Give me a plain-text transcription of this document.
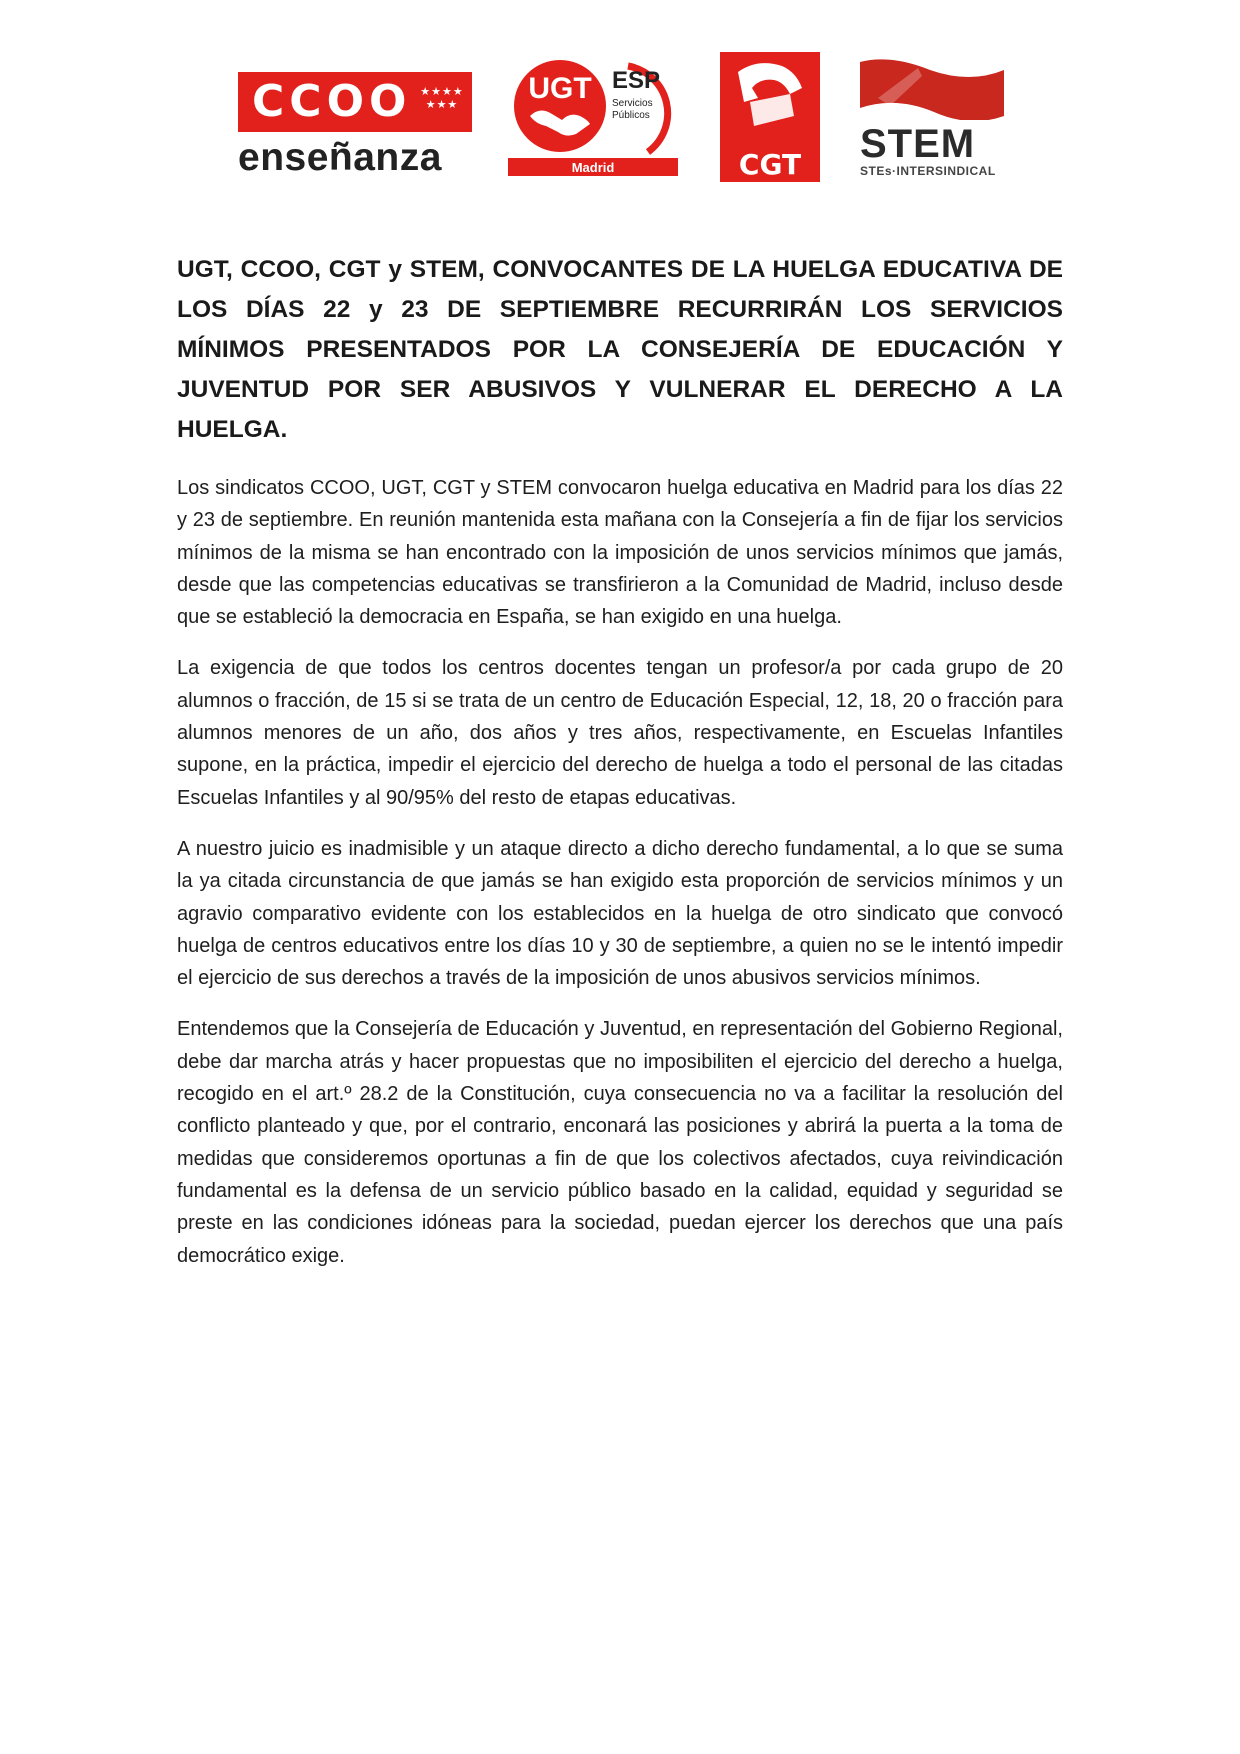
CCOO ★★★★ ★★★
enseñanza
UGT ESP
Servicios
Públicos
Madrid	CGT STEM
STEs·INTERSINDICAL
UGT, CCOO, CGT y STEM, CONVOCANTES DE LA HUELGA EDUCATIVA DE LOS DÍAS 22 y 23 DE SEPTIEMBRE RECURRIRÁN LOS SERVICIOS MÍNIMOS PRESENTADOS POR LA CONSEJERÍA DE EDUCACIÓN Y JUVENTUD POR SER ABUSIVOS Y VULNERAR EL DERECHO A LA HUELGA.

Los sindicatos CCOO, UGT, CGT y STEM convocaron huelga educativa en Madrid para los días 22 y 23 de septiembre. En reunión mantenida esta mañana con la Consejería a fin de fijar los servicios mínimos de la misma se han encontrado con la imposición de unos servicios mínimos que jamás, desde que las competencias educativas se transfirieron a la Comunidad de Madrid, incluso desde que se estableció la democracia en España, se han exigido en una huelga.

La exigencia de que todos los centros docentes tengan un profesor/a por cada grupo de 20 alumnos o fracción, de 15 si se trata de un centro de Educación Especial, 12, 18, 20 o fracción para alumnos menores de un año, dos años y tres años, respectivamente, en Escuelas Infantiles supone, en la práctica, impedir el ejercicio del derecho de huelga a todo el personal de las citadas Escuelas Infantiles y al 90/95% del resto de etapas educativas.

A nuestro juicio es inadmisible y un ataque directo a dicho derecho fundamental, a lo que se suma la ya citada circunstancia de que jamás se han exigido esta proporción de servicios mínimos y un agravio comparativo evidente con los establecidos en la huelga de otro sindicato que convocó huelga de centros educativos entre los días 10 y 30 de septiembre, a quien no se le intentó impedir el ejercicio de sus derechos a través de la imposición de unos abusivos servicios mínimos.

Entendemos que la Consejería de Educación y Juventud, en representación del Gobierno Regional, debe dar marcha atrás y hacer propuestas que no imposibiliten el ejercicio del derecho a huelga, recogido en el art.º 28.2 de la Constitución, cuya consecuencia no va a facilitar la resolución del conflicto planteado y que, por el contrario, enconará las posiciones y abrirá la puerta a la toma de medidas que consideremos oportunas a fin de que los colectivos afectados, cuya reivindicación fundamental es la defensa de un servicio público basado en la calidad, equidad y seguridad se preste en las condiciones idóneas para la sociedad, puedan ejercer los derechos que una país democrático exige.
